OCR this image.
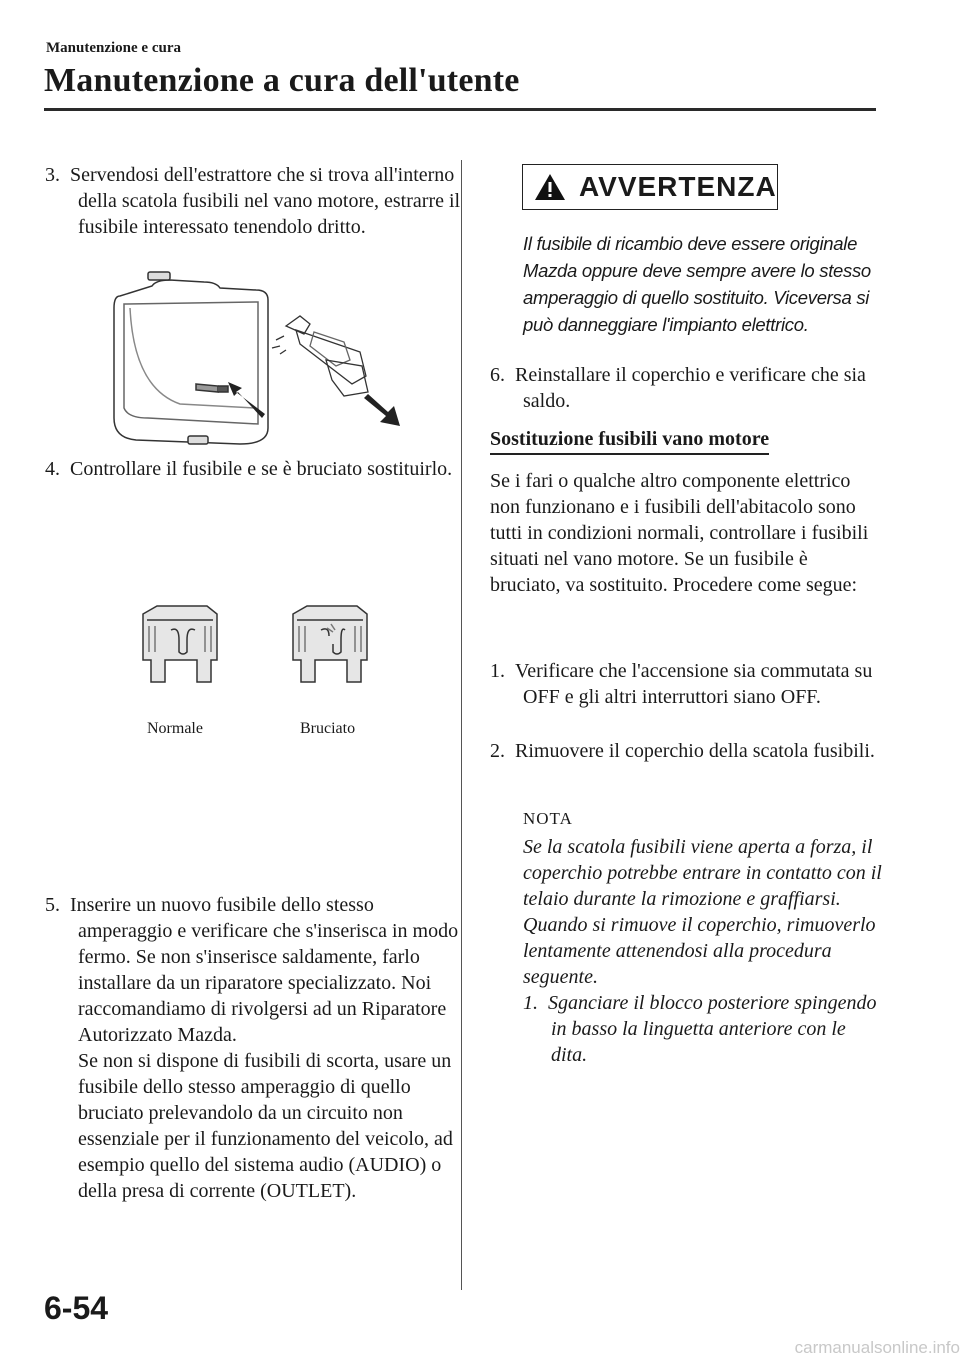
Manutenzione e cura
Manutenzione a cura dell'utente
3.  Servendosi dell'estrattore che si trova all'interno della scatola fusibili nel vano motore, estrarre il fusibile interessato tenendolo dritto.
4.  Controllare il fusibile e se è bruciato sostituirlo.
Normale	Bruciato
5.  Inserire un nuovo fusibile dello stesso amperaggio e verificare che s'inserisca in modo fermo. Se non s'inserisce saldamente, farlo installare da un riparatore specializzato. Noi raccomandiamo di rivolgersi ad un Riparatore Autorizzato Mazda.
Se non si dispone di fusibili di scorta, usare un fusibile dello stesso amperaggio di quello bruciato prelevandolo da un circuito non essenziale per il funzionamento del veicolo, ad esempio quello del sistema audio (AUDIO) o della presa di corrente (OUTLET).
AVVERTENZA
Il fusibile di ricambio deve essere originale Mazda oppure deve sempre avere lo stesso amperaggio di quello sostituito. Viceversa si può danneggiare l'impianto elettrico.
6.  Reinstallare il coperchio e verificare che sia saldo.
Sostituzione fusibili vano motore
Se i fari o qualche altro componente elettrico non funzionano e i fusibili dell'abitacolo sono tutti in condizioni normali, controllare i fusibili situati nel vano motore. Se un fusibile è bruciato, va sostituito. Procedere come segue:
1.  Verificare che l'accensione sia commutata su OFF e gli altri interruttori siano OFF.
2.  Rimuovere il coperchio della scatola fusibili.
NOTA
Se la scatola fusibili viene aperta a forza, il coperchio potrebbe entrare in contatto con il telaio durante la rimozione e graffiarsi.
Quando si rimuove il coperchio, rimuoverlo lentamente attenendosi alla procedura seguente.
1.  Sganciare il blocco posteriore spingendo in basso la linguetta anteriore con le dita.
6-54
carmanualsonline.info
